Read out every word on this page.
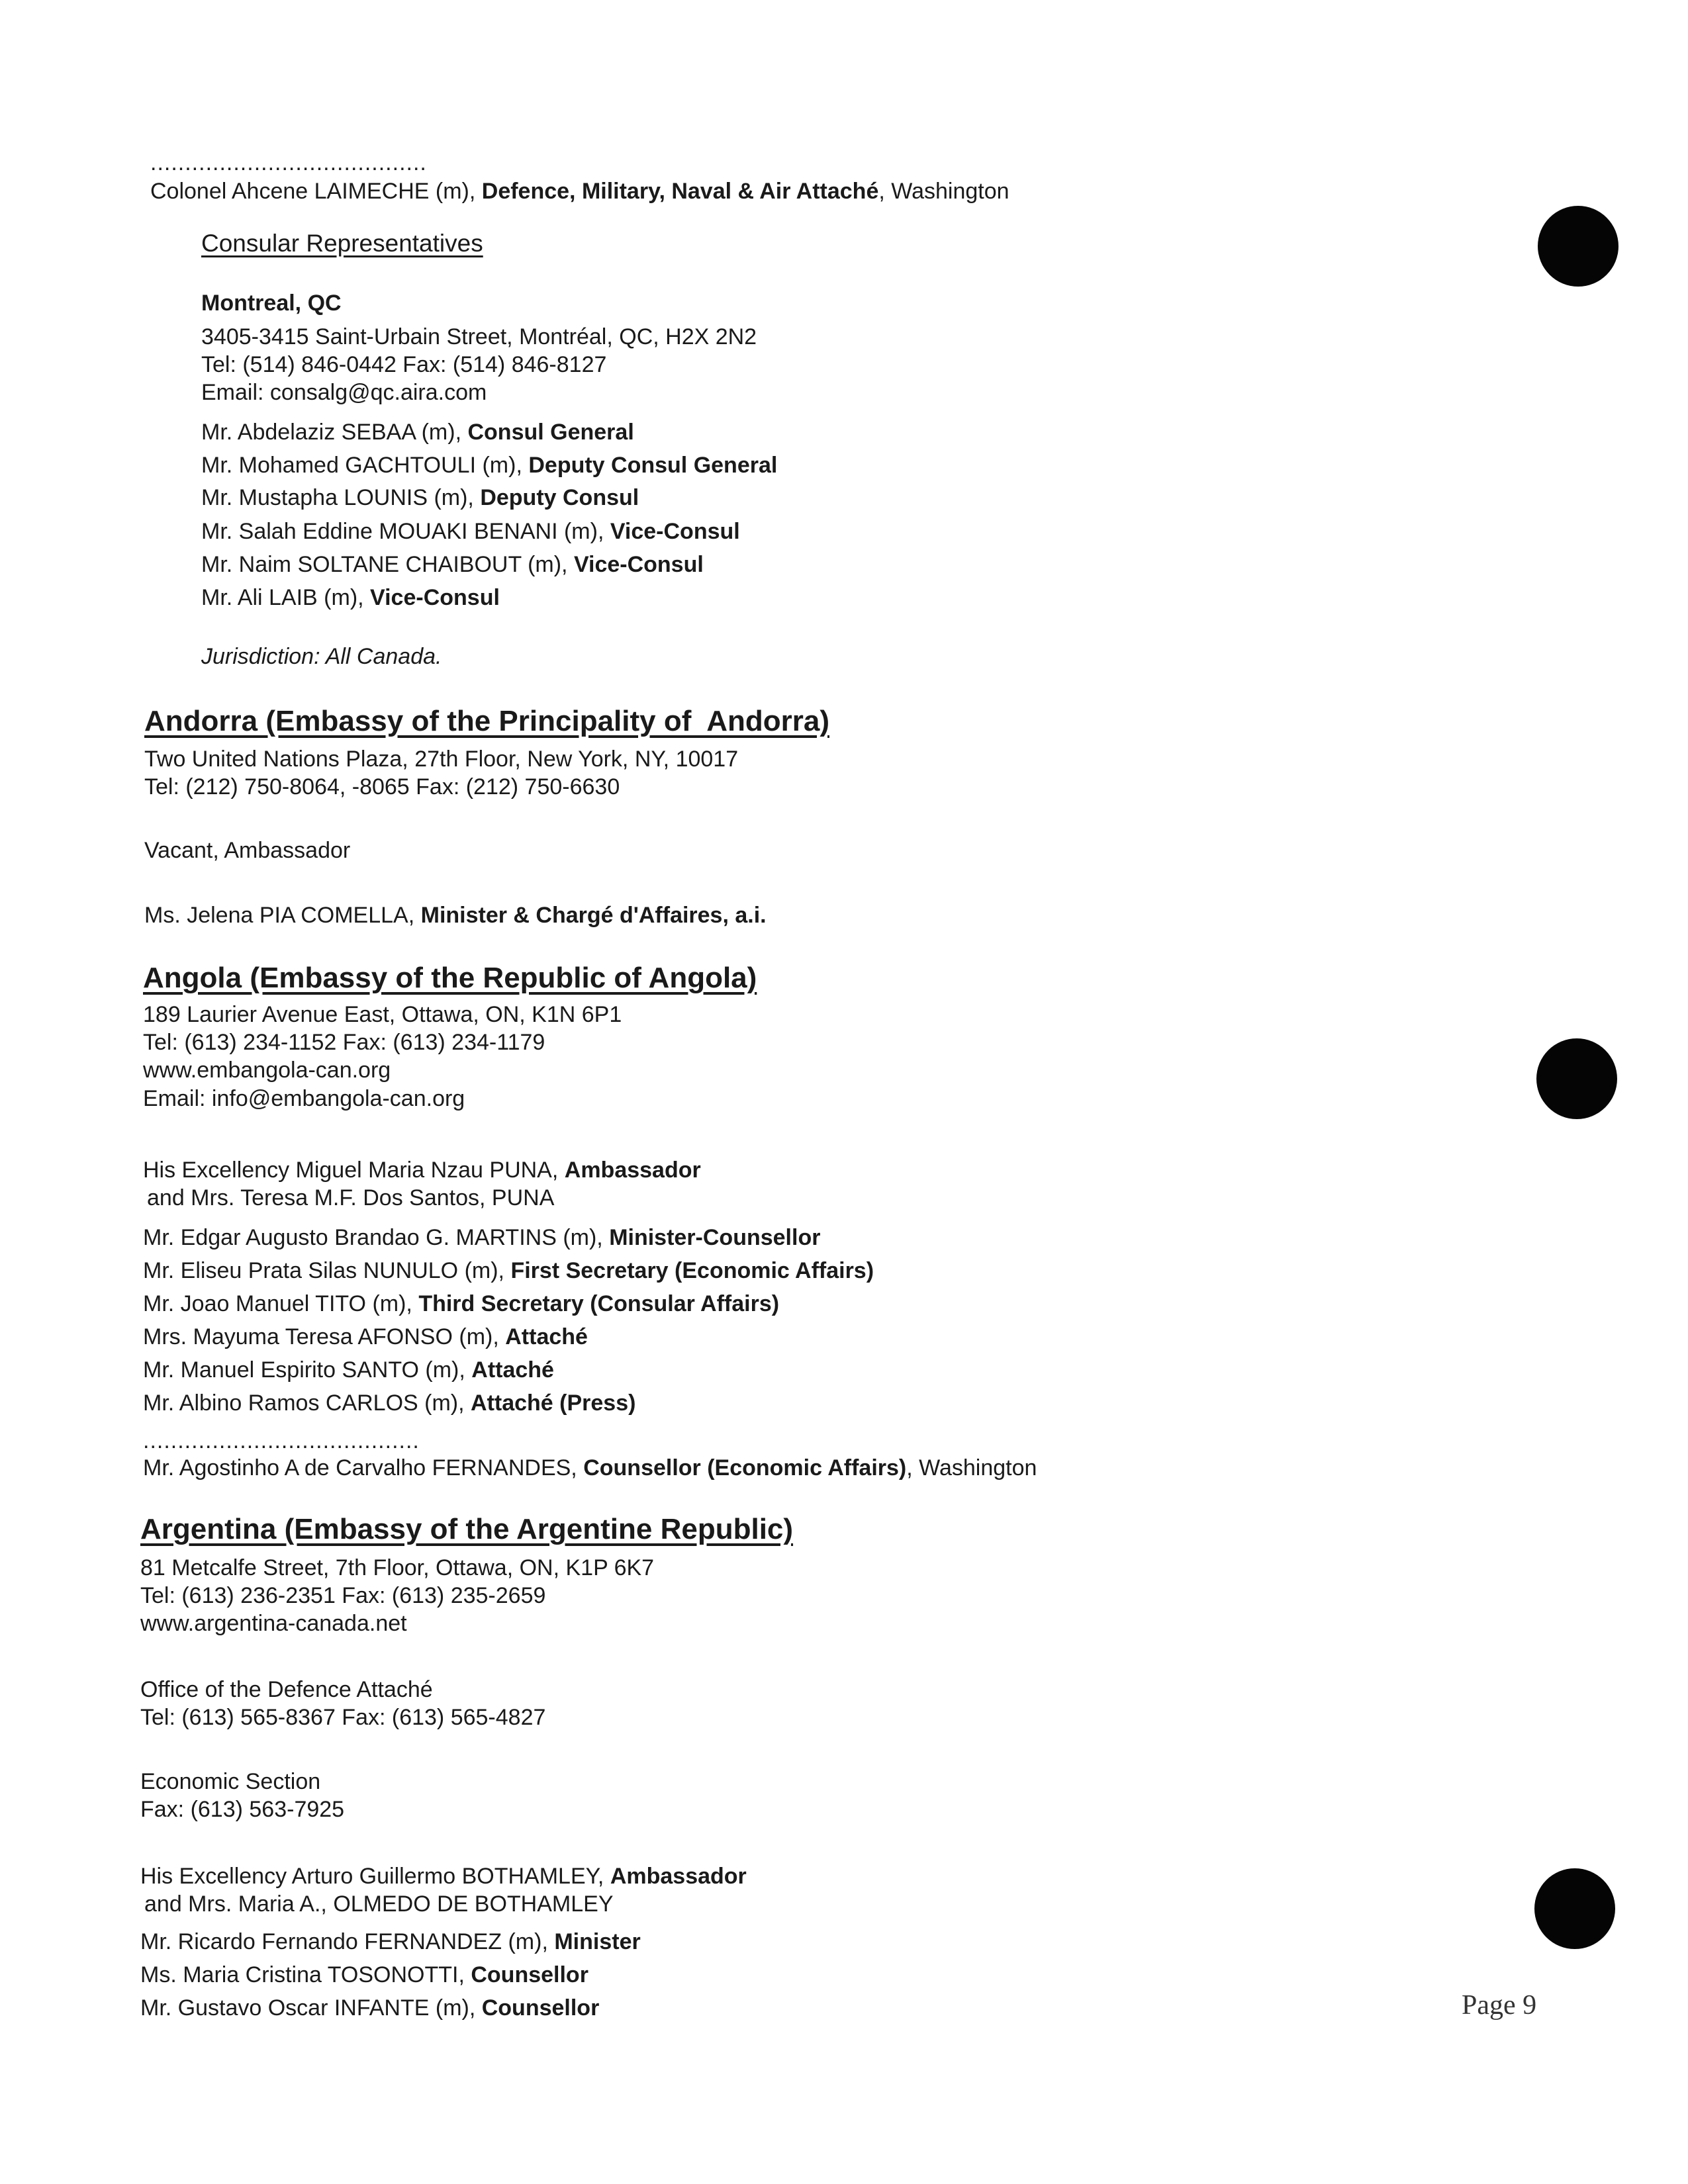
........................................
Colonel Ahcene LAIMECHE (m), Defence, Military, Naval & Air Attaché, Washington
Consular Representatives
Montreal, QC
3405-3415 Saint-Urbain Street, Montréal, QC, H2X 2N2
Tel: (514) 846-0442 Fax: (514) 846-8127
Email: consalg@qc.aira.com
Mr. Abdelaziz SEBAA (m), Consul General
Mr. Mohamed GACHTOULI (m), Deputy Consul General
Mr. Mustapha LOUNIS (m), Deputy Consul
Mr. Salah Eddine MOUAKI BENANI (m), Vice-Consul
Mr. Naim SOLTANE CHAIBOUT (m), Vice-Consul
Mr. Ali LAIB (m), Vice-Consul
Jurisdiction: All Canada.
Andorra (Embassy of the Principality of  Andorra)
Two United Nations Plaza, 27th Floor, New York, NY, 10017
Tel: (212) 750-8064, -8065 Fax: (212) 750-6630
Vacant, Ambassador
Ms. Jelena PIA COMELLA, Minister & Chargé d'Affaires, a.i.
Angola (Embassy of the Republic of Angola)
189 Laurier Avenue East, Ottawa, ON, K1N 6P1
Tel: (613) 234-1152 Fax: (613) 234-1179
www.embangola-can.org
Email: info@embangola-can.org
His Excellency Miguel Maria Nzau PUNA, Ambassador
and Mrs. Teresa M.F. Dos Santos, PUNA
Mr. Edgar Augusto Brandao G. MARTINS (m), Minister-Counsellor
Mr. Eliseu Prata Silas NUNULO (m), First Secretary (Economic Affairs)
Mr. Joao Manuel TITO (m), Third Secretary (Consular Affairs)
Mrs. Mayuma Teresa AFONSO (m), Attaché
Mr. Manuel Espirito SANTO (m), Attaché
Mr. Albino Ramos CARLOS (m), Attaché (Press)
........................................
Mr. Agostinho A de Carvalho FERNANDES, Counsellor (Economic Affairs), Washington
Argentina (Embassy of the Argentine Republic)
81 Metcalfe Street, 7th Floor, Ottawa, ON, K1P 6K7
Tel: (613) 236-2351 Fax: (613) 235-2659
www.argentina-canada.net
Office of the Defence Attaché
Tel: (613) 565-8367 Fax: (613) 565-4827
Economic Section
Fax: (613) 563-7925
His Excellency Arturo Guillermo BOTHAMLEY, Ambassador
and Mrs. Maria A., OLMEDO DE BOTHAMLEY
Mr. Ricardo Fernando FERNANDEZ (m), Minister
Ms. Maria Cristina TOSONOTTI, Counsellor
Mr. Gustavo Oscar INFANTE (m), Counsellor	Page 9
